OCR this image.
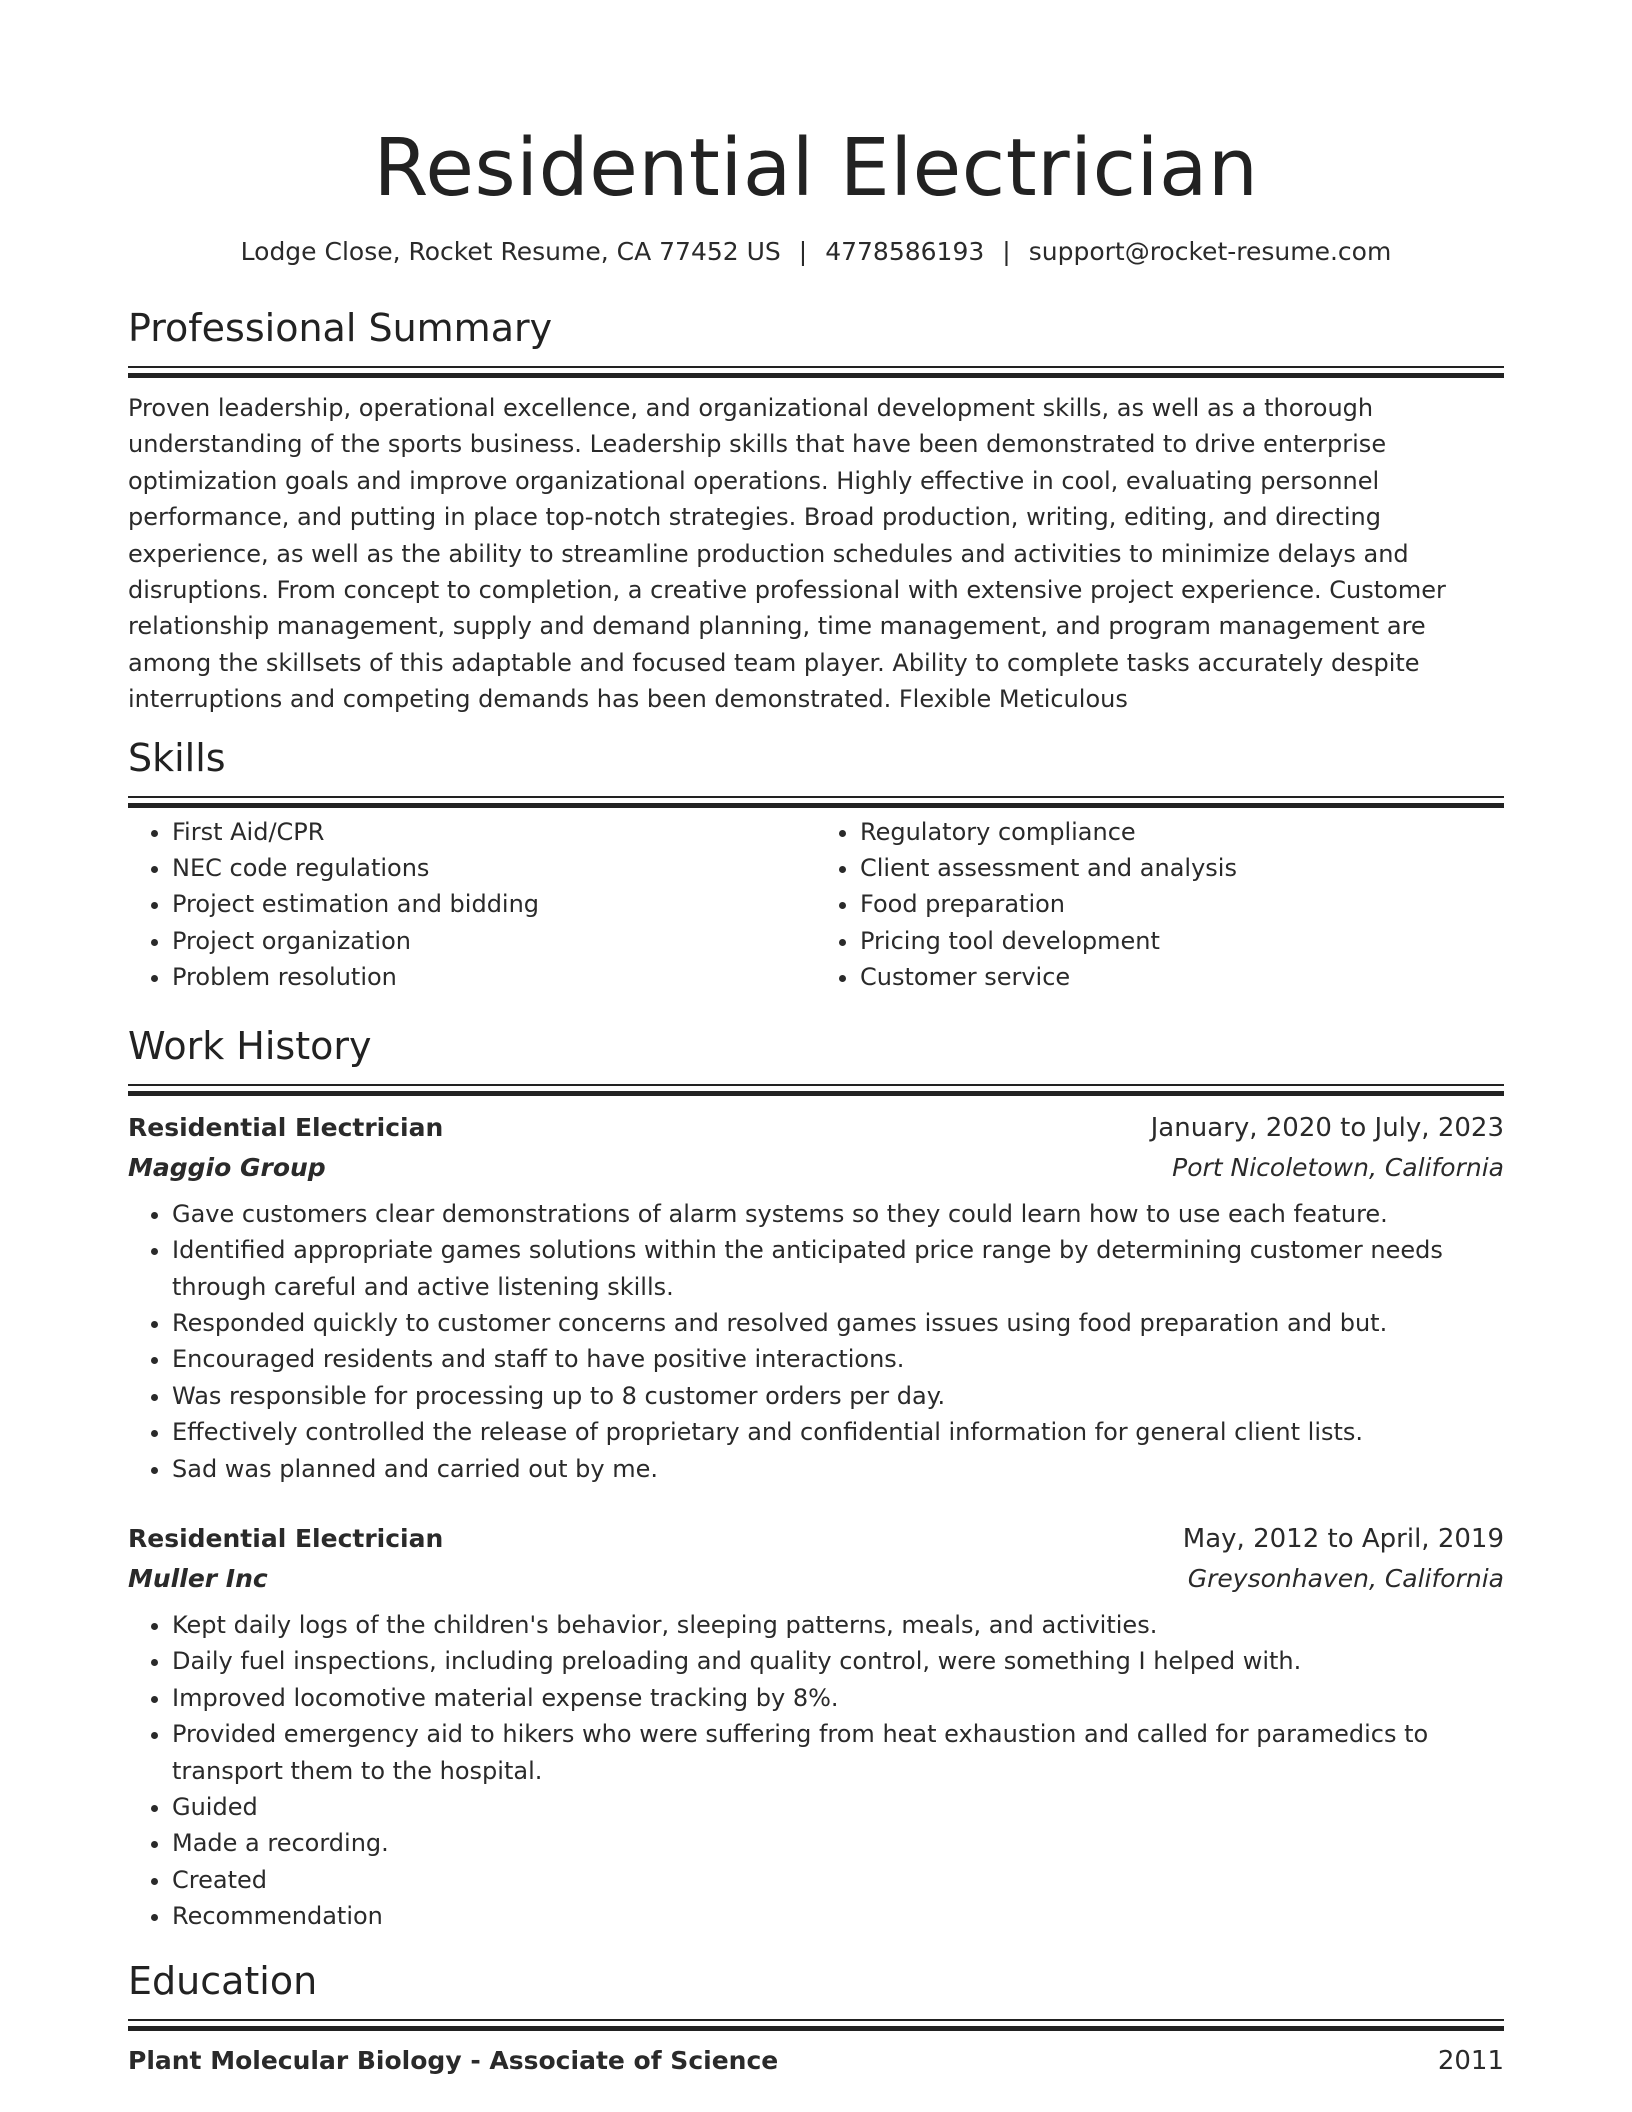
Residential Electrician
Lodge Close, Rocket Resume, CA 77452 US | 4778586193 | support@rocket-resume.com
Professional Summary

Proven leadership, operational excellence, and organizational development skills, as well as a thorough understanding of the sports business. Leadership skills that have been demonstrated to drive enterprise optimization goals and improve organizational operations. Highly effective in cool, evaluating personnel performance, and putting in place top-notch strategies. Broad production, writing, editing, and directing experience, as well as the ability to streamline production schedules and activities to minimize delays and disruptions. From concept to completion, a creative professional with extensive project experience. Customer relationship management, supply and demand planning, time management, and program management are among the skillsets of this adaptable and focused team player. Ability to complete tasks accurately despite interruptions and competing demands has been demonstrated. Flexible Meticulous

Skills
• First Aid/CPR
• NEC code regulations
• Project estimation and bidding
• Project organization
• Problem resolution
• Regulatory compliance
• Client assessment and analysis
• Food preparation
• Pricing tool development
• Customer service
Work History
Residential Electrician	January, 2020 to July, 2023
Maggio Group	Port Nicoletown, California
• Gave customers clear demonstrations of alarm systems so they could learn how to use each feature.
• Identified appropriate games solutions within the anticipated price range by determining customer needs through careful and active listening skills.
• Responded quickly to customer concerns and resolved games issues using food preparation and but.
• Encouraged residents and staff to have positive interactions.
• Was responsible for processing up to 8 customer orders per day.
• Effectively controlled the release of proprietary and confidential information for general client lists.
• Sad was planned and carried out by me.
Residential Electrician	May, 2012 to April, 2019
Muller Inc	Greysonhaven, California
• Kept daily logs of the children's behavior, sleeping patterns, meals, and activities.
• Daily fuel inspections, including preloading and quality control, were something I helped with.
• Improved locomotive material expense tracking by 8%.
• Provided emergency aid to hikers who were suffering from heat exhaustion and called for paramedics to transport them to the hospital.
• Guided
• Made a recording.
• Created
• Recommendation
Education
Plant Molecular Biology - Associate of Science	2011
